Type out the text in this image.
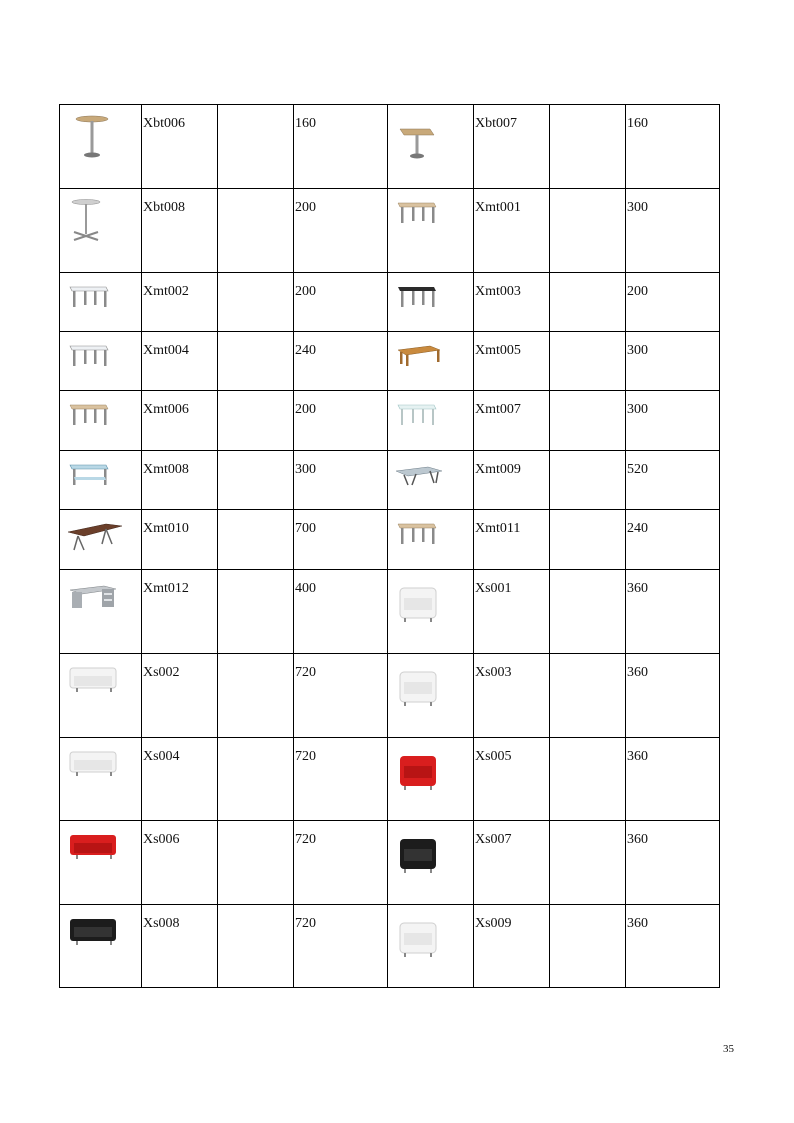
	Xbt006		160		Xbt007		160

	Xbt008		200		Xmt001		300

	Xmt002		200		Xmt003		200

	Xmt004		240		Xmt005		300

	Xmt006		200		Xmt007		300

	Xmt008		300		Xmt009		520

	Xmt010		700		Xmt011		240

	Xmt012		400		Xs001		360

	Xs002		720		Xs003		360

	Xs004		720		Xs005		360

	Xs006		720		Xs007		360

	Xs008		720		Xs009		360
35
